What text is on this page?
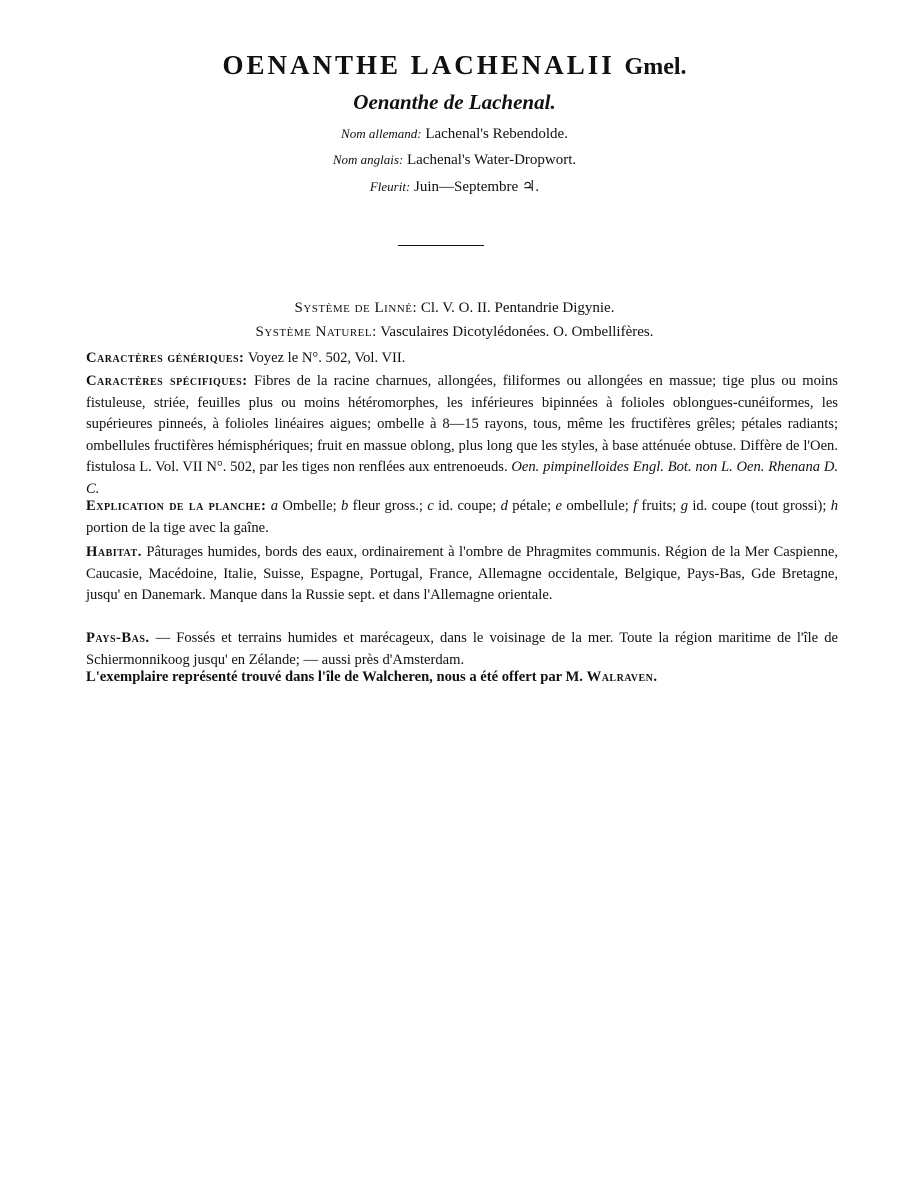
OENANTHE LACHENALII Gmel.
Oenanthe de Lachenal.
Nom allemand: Lachenal's Rebendolde.
Nom anglais: Lachenal's Water-Dropwort.
Fleurit: Juin—Septembre ♃.
Système de Linné: Cl. V. O. II. Pentandrie Digynie.
Système Naturel: Vasculaires Dicotylédonées. O. Ombellifères.
Caractères génériques: Voyez le N°. 502, Vol. VII.
Caractères spécifiques: Fibres de la racine charnues, allongées, filiformes ou allongées en massue; tige plus ou moins fistuleuse, striée, feuilles plus ou moins hétéromorphes, les inférieures bipinnées à folioles oblongues-cunéiformes, les supérieures pinneés, à folioles linéaires aigues; ombelle à 8—15 rayons, tous, même les fructifères grêles; pétales radiants; ombellules fructifères hémisphériques; fruit en massue oblong, plus long que les styles, à base atténuée obtuse. Diffère de l'Oen. fistulosa L. Vol. VII N°. 502, par les tiges non renflées aux entrenoeuds. Oen. pimpinelloides Engl. Bot. non L. Oen. Rhenana D. C.
Explication de la planche: a Ombelle; b fleur gross.; c id. coupe; d pétale; e ombellule; f fruits; g id. coupe (tout grossi); h portion de la tige avec la gaîne.
Habitat. Pâturages humides, bords des eaux, ordinairement à l'ombre de Phragmites communis. Région de la Mer Caspienne, Caucasie, Macédoine, Italie, Suisse, Espagne, Portugal, France, Allemagne occidentale, Belgique, Pays-Bas, Gde Bretagne, jusqu' en Danemark. Manque dans la Russie sept. et dans l'Allemagne orientale.
Pays-Bas. — Fossés et terrains humides et marécageux, dans le voisinage de la mer. Toute la région maritime de l'île de Schiermonnikoog jusqu' en Zélande; — aussi près d'Amsterdam.
L'exemplaire représenté trouvé dans l'île de Walcheren, nous a été offert par M. Walraven.
